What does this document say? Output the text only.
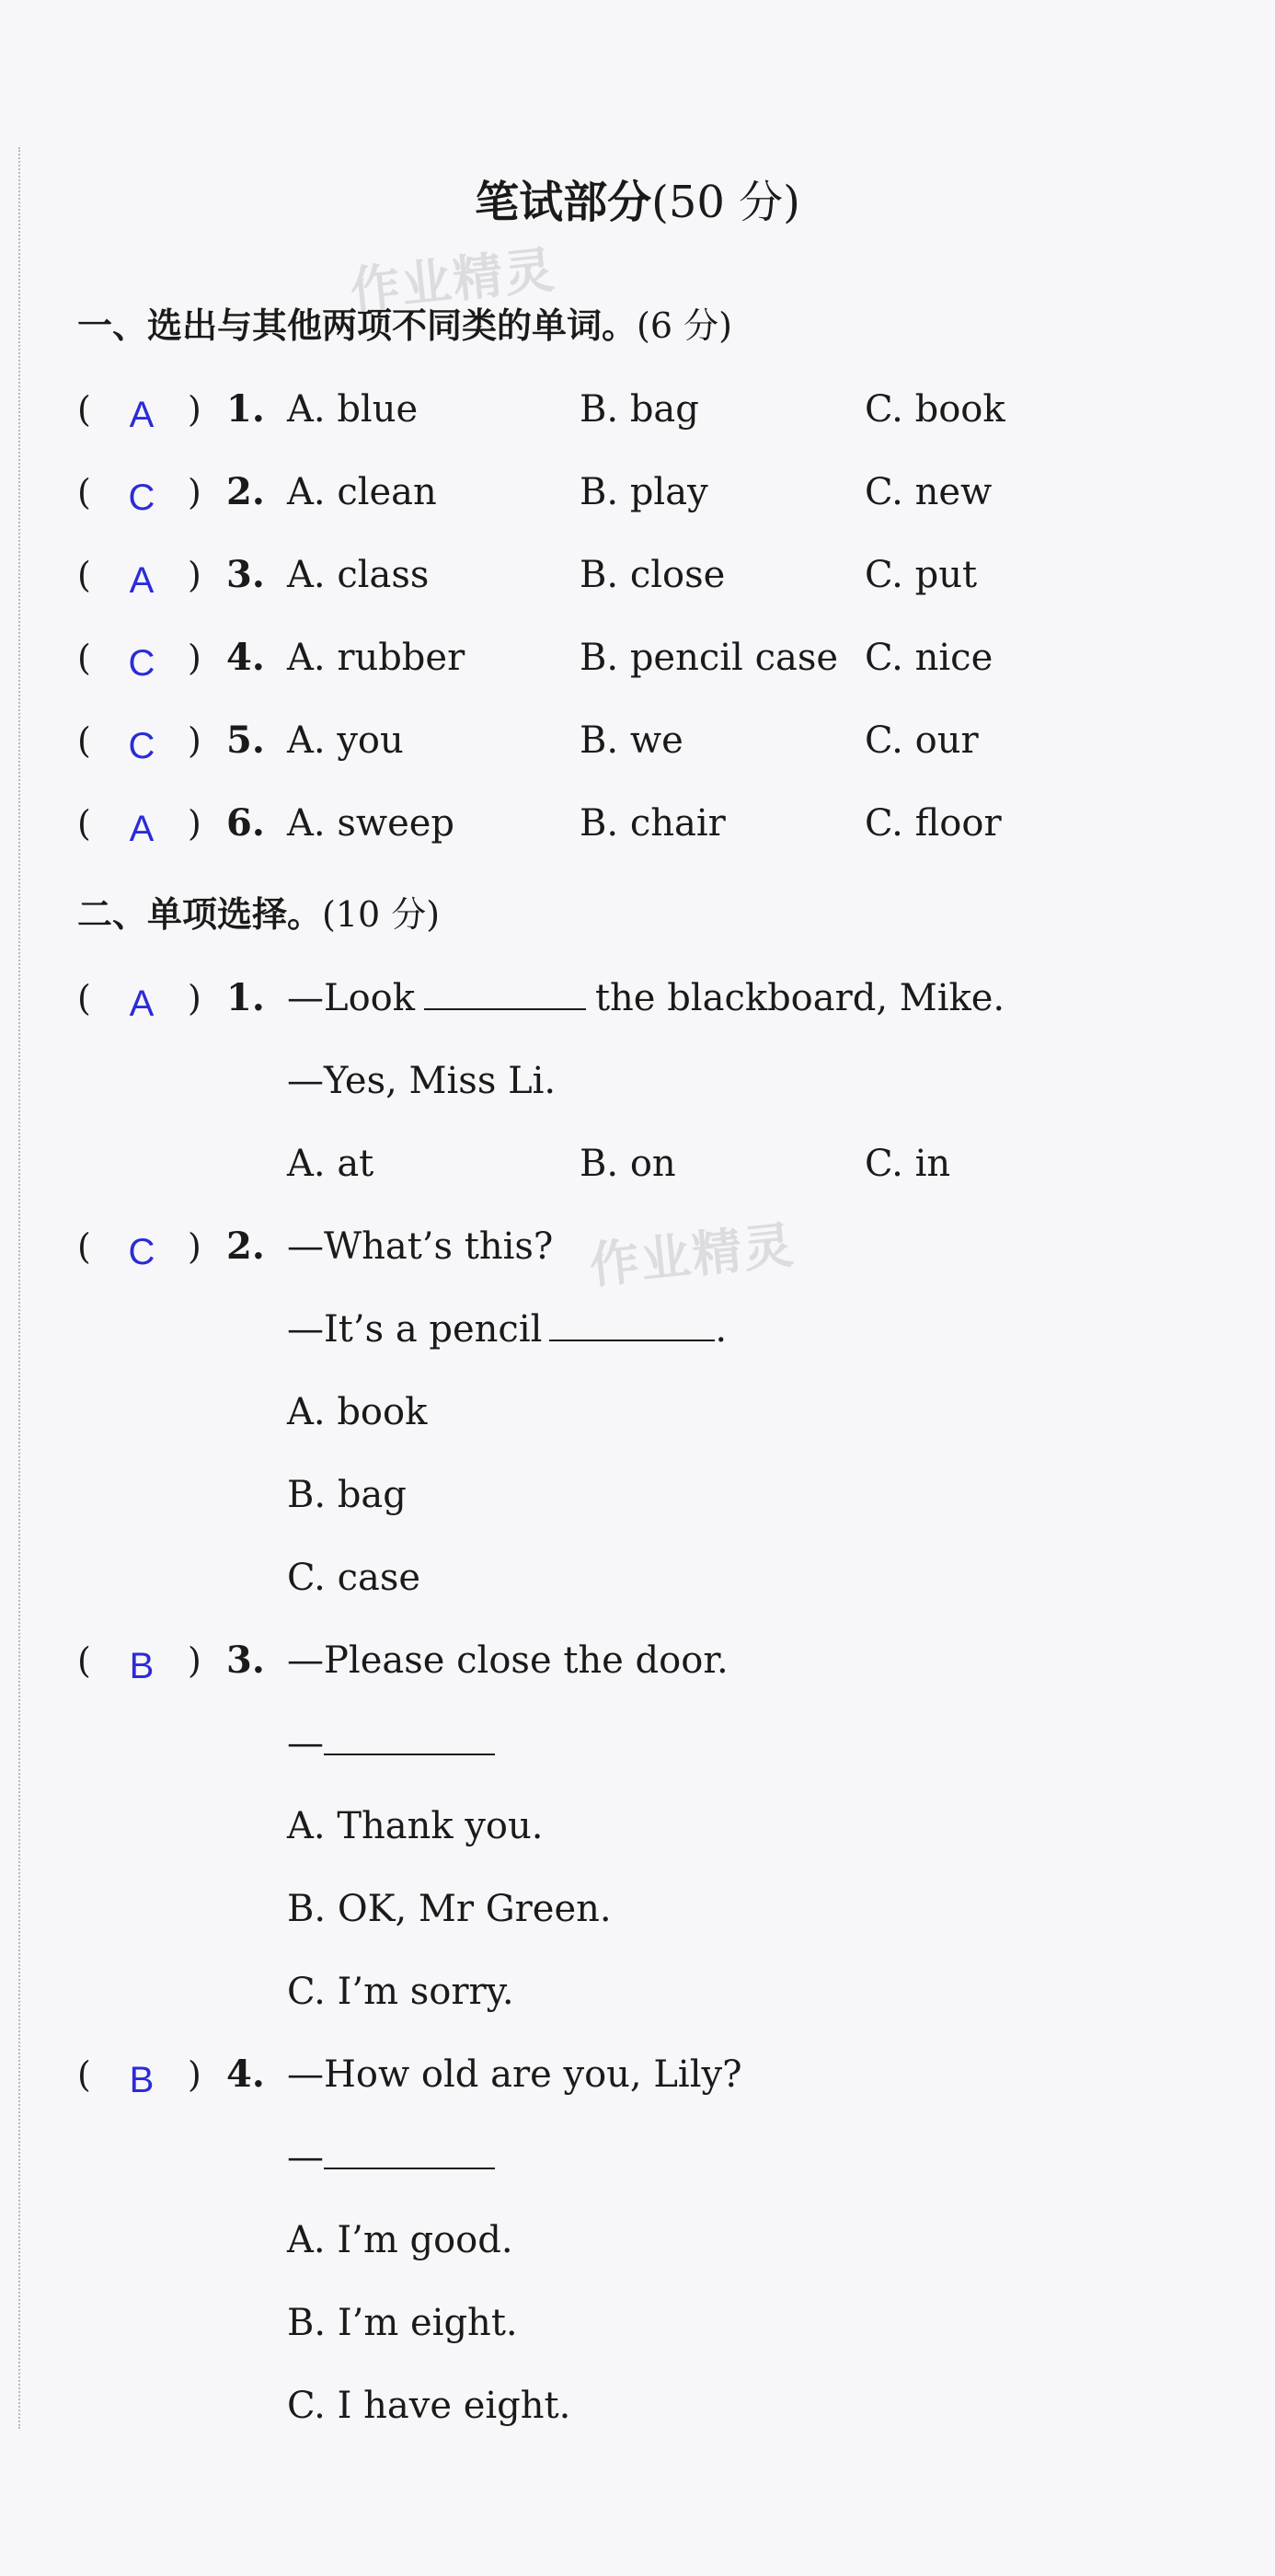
笔试部分(50 分)
作业精灵
作业精灵
一、选出与其他两项不同类的单词。(6 分)
( A ) 1. A. blue	B. bag	C. book
( C ) 2. A. clean	B. play	C. new
( A ) 3. A. class	B. close	C. put
( C ) 4. A. rubber	B. pencil case C. nice
( C ) 5. A. you	B. we	C. our
( A ) 6. A. sweep	B. chair	C. floor
二、单项选择。(10 分)
( A ) 1. —Look	the blackboard, Mike.
—Yes, Miss Li.
A. at	B. on	C. in
( C ) 2. —What’s this?
—It’s a pencil	.
A. book
B. bag
C. case
( B ) 3. —Please close the door.
—
A. Thank you.
B. OK, Mr Green.
C. I’m sorry.
( B ) 4. —How old are you, Lily?
—
A. I’m good.
B. I’m eight.
C. I have eight.
